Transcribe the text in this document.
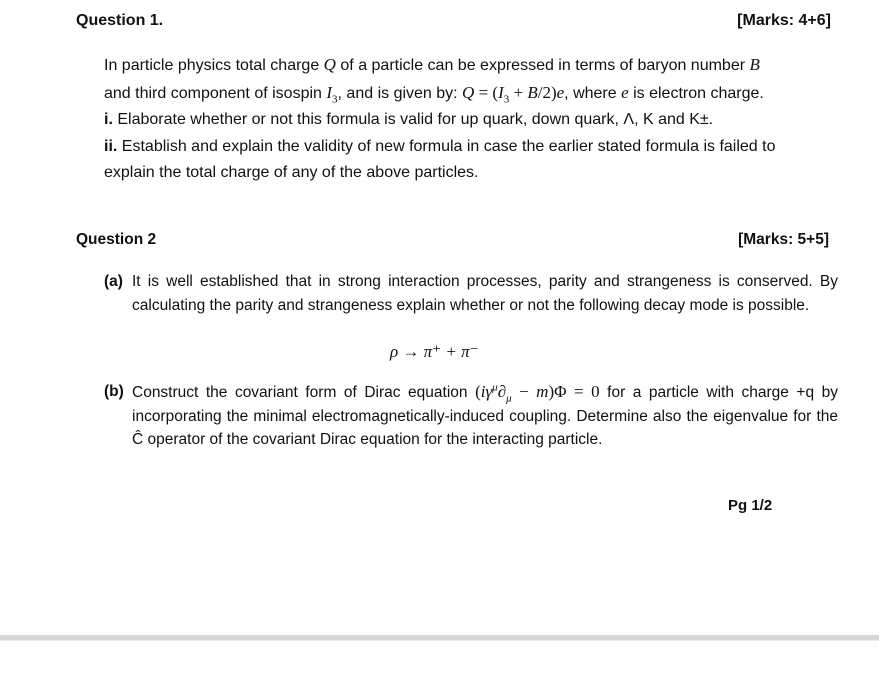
Question 1.	[Marks: 4+6]
In particle physics total charge Q of a particle can be expressed in terms of baryon number B
and third component of isospin $I_3$, and is given by: $Q = (I_3 + B/2)e$, where e is electron charge.
i. Elaborate whether or not this formula is valid for up quark, down quark, Λ, K and K±.
ii. Establish and explain the validity of new formula in case the earlier stated formula is failed to explain the total charge of any of the above particles.
Question 2	[Marks: 5+5]
(a) It is well established that in strong interaction processes, parity and strangeness is conserved. By calculating the parity and strangeness explain whether or not the following decay mode is possible.
ρ → π⁺ + π⁻
(b) Construct the covariant form of Dirac equation $(i\gamma^\mu\partial_\mu - m)\Phi = 0$ for a particle with charge +q by incorporating the minimal electromagnetically-induced coupling. Determine also the eigenvalue for the Ĉ operator of the covariant Dirac equation for the interacting particle.
Pg 1/2
